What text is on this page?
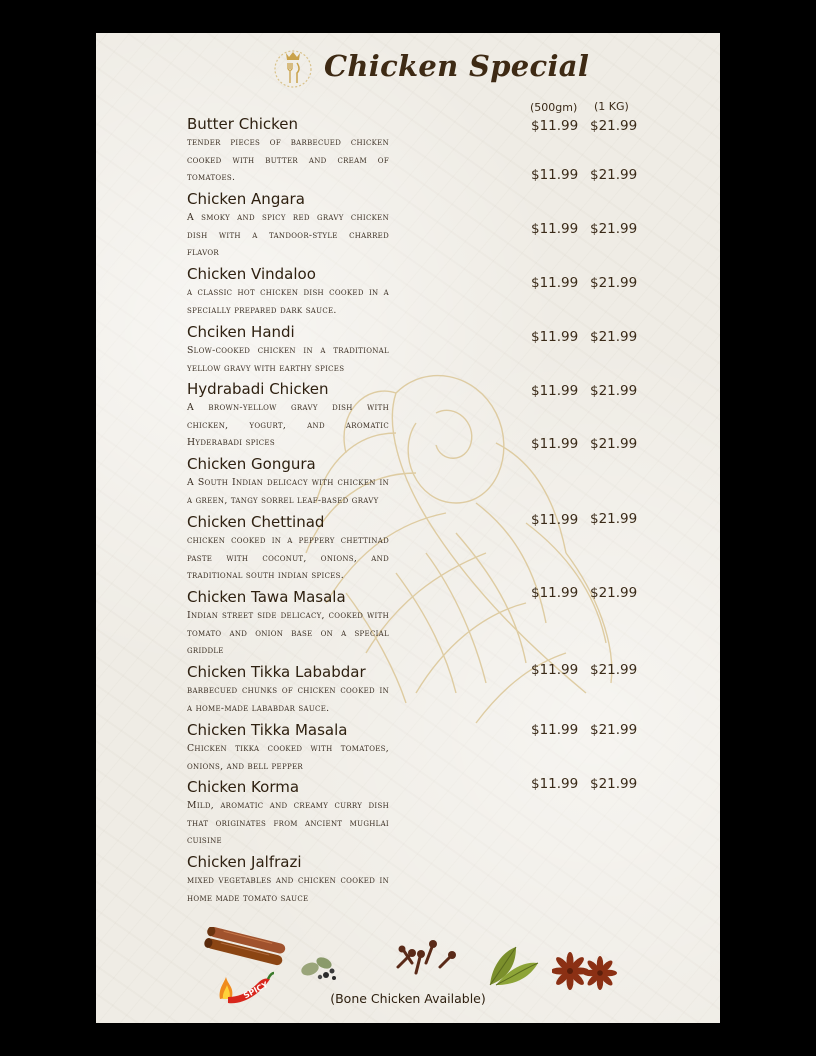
Chicken Special
(500gm) (1 KG)
Butter Chicken
tender pieces of barbecued chicken cooked with butter and cream of tomatoes.
Chicken Angara
A smoky and spicy red gravy chicken dish with a tandoor-style charred flavor
Chicken Vindaloo
a classic hot chicken dish cooked in a specially prepared dark sauce.
Chciken Handi
Slow-cooked chicken in a traditional yellow gravy with earthy spices
Hydrabadi Chicken
A brown-yellow gravy dish with chicken, yogurt, and aromatic Hyderabadi spices
Chicken Gongura
A South Indian delicacy with chicken in a green, tangy sorrel leaf-based gravy
Chicken Chettinad
chicken cooked in a peppery chettinad paste with coconut, onions, and traditional south indian spices.
Chicken Tawa Masala
Indian street side delicacy, cooked with tomato and onion base on a special griddle
Chicken Tikka Lababdar
barbecued chunks of chicken cooked in a home-made lababdar sauce.
Chicken Tikka Masala
Chicken tikka cooked with tomatoes, onions, and bell pepper
Chicken Korma
Mild, aromatic and creamy curry dish that originates from ancient mughlai cuisine
Chicken Jalfrazi
mixed vegetables and chicken cooked in home made tomato sauce
$11.99 $21.99
$11.99 $21.99
$11.99 $21.99
$11.99 $21.99
$11.99 $21.99
$11.99 $21.99
$11.99 $21.99
$11.99 $21.99
$11.99 $21.99
$11.99 $21.99
$11.99 $21.99
$11.99 $21.99
SPICY	(Bone Chicken Available)
